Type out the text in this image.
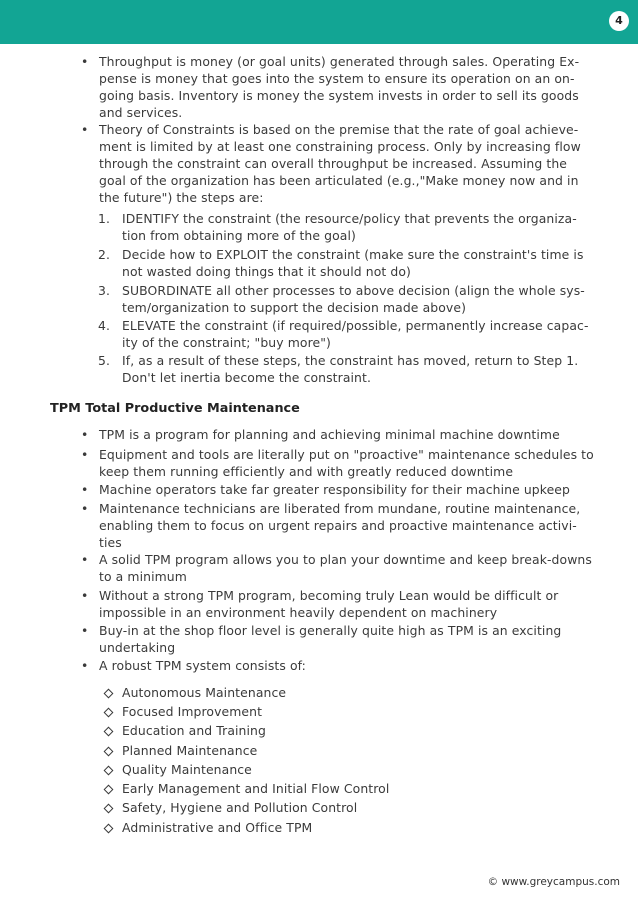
4
• Throughput is money (or goal units) generated through sales. Operating Ex-pense is money that goes into the system to ensure its operation on an on-going basis. Inventory is money the system invests in order to sell its goods and services.
• Theory of Constraints is based on the premise that the rate of goal achieve-ment is limited by at least one constraining process. Only by increasing flow through the constraint can overall throughput be increased. Assuming the goal of the organization has been articulated (e.g.,"Make money now and in the future") the steps are:
1. IDENTIFY the constraint (the resource/policy that prevents the organiza-tion from obtaining more of the goal)
2. Decide how to EXPLOIT the constraint (make sure the constraint's time is not wasted doing things that it should not do)
3. SUBORDINATE all other processes to above decision (align the whole sys-tem/organization to support the decision made above)
4. ELEVATE the constraint (if required/possible, permanently increase capac-ity of the constraint; "buy more")
5. If, as a result of these steps, the constraint has moved, return to Step 1. Don't let inertia become the constraint.
TPM Total Productive Maintenance
• TPM is a program for planning and achieving minimal machine downtime
• Equipment and tools are literally put on "proactive" maintenance schedules to keep them running efficiently and with greatly reduced downtime
• Machine operators take far greater responsibility for their machine upkeep
• Maintenance technicians are liberated from mundane, routine maintenance, enabling them to focus on urgent repairs and proactive maintenance activi-ties
• A solid TPM program allows you to plan your downtime and keep break-downs to a minimum
• Without a strong TPM program, becoming truly Lean would be difficult or impossible in an environment heavily dependent on machinery
• Buy-in at the shop floor level is generally quite high as TPM is an exciting undertaking
• A robust TPM system consists of:
Autonomous Maintenance
Focused Improvement
Education and Training
Planned Maintenance
Quality Maintenance
Early Management and Initial Flow Control
Safety, Hygiene and Pollution Control
Administrative and Office TPM
© www.greycampus.com
